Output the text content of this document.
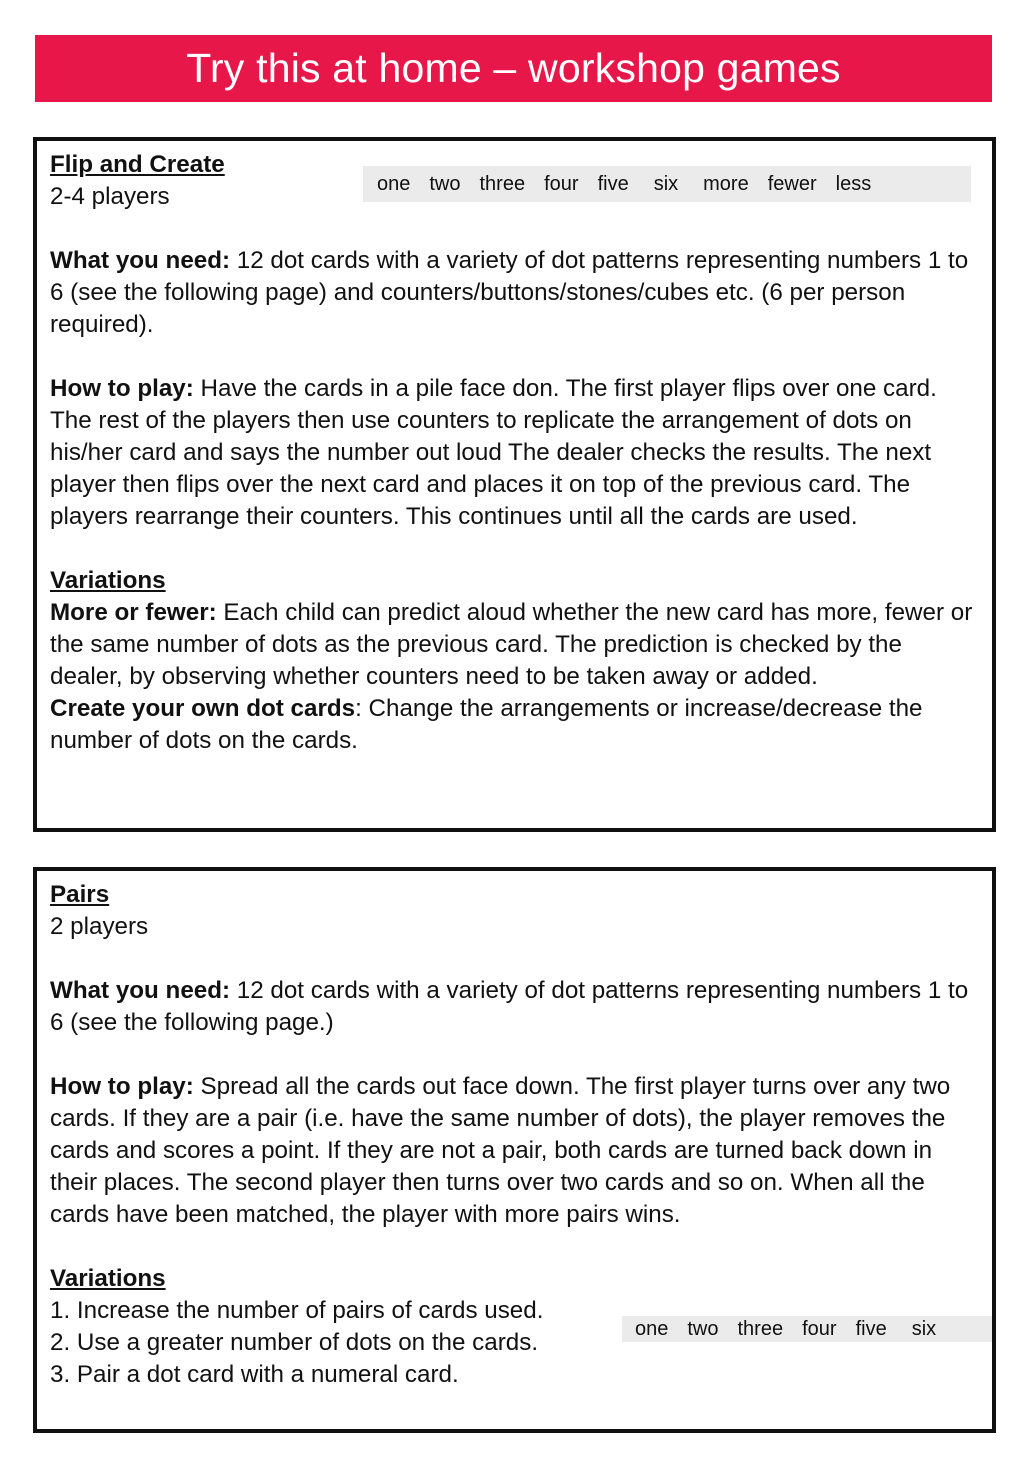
Try this at home – workshop games
one two three four five six more fewer less

Flip and Create

2-4 players

What you need: 12 dot cards with a variety of dot patterns representing numbers 1 to 6 (see the following page) and counters/buttons/stones/cubes etc. (6 per person required).

How to play: Have the cards in a pile face don. The first player flips over one card. The rest of the players then use counters to replicate the arrangement of dots on his/her card and says the number out loud The dealer checks the results. The next player then flips over the next card and places it on top of the previous card. The players rearrange their counters. This continues until all the cards are used.

Variations

More or fewer: Each child can predict aloud whether the new card has more, fewer or the same number of dots as the previous card. The prediction is checked by the dealer, by observing whether counters need to be taken away or added.

Create your own dot cards: Change the arrangements or increase/decrease the number of dots on the cards.

one two three four five six

Pairs

2 players

What you need: 12 dot cards with a variety of dot patterns representing numbers 1 to 6 (see the following page.)

How to play: Spread all the cards out face down. The first player turns over any two cards. If they are a pair (i.e. have the same number of dots), the player removes the cards and scores a point. If they are not a pair, both cards are turned back down in their places. The second player then turns over two cards and so on. When all the cards have been matched, the player with more pairs wins.

Variations

1. Increase the number of pairs of cards used.

2. Use a greater number of dots on the cards.

3. Pair a dot card with a numeral card.
